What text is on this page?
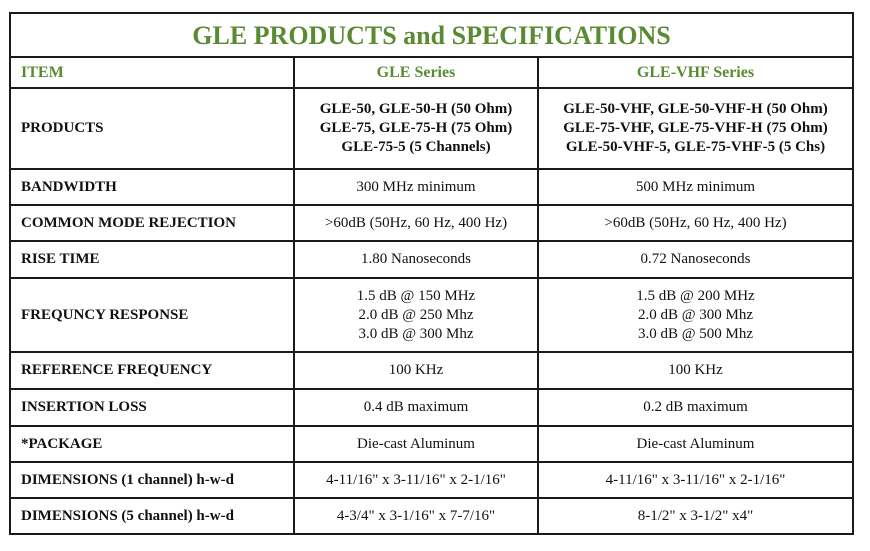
GLE PRODUCTS and SPECIFICATIONS		
ITEM	GLE Series	GLE-VHF Series
PRODUCTS	GLE-50, GLE-50-H (50 Ohm)
GLE-75, GLE-75-H (75 Ohm)
GLE-75-5 (5 Channels)	GLE-50-VHF, GLE-50-VHF-H (50 Ohm)
GLE-75-VHF, GLE-75-VHF-H (75 Ohm)
GLE-50-VHF-5, GLE-75-VHF-5 (5 Chs)

BANDWIDTH	300 MHz minimum	500 MHz minimum
COMMON MODE REJECTION	>60dB (50Hz, 60 Hz, 400 Hz)	>60dB (50Hz, 60 Hz, 400 Hz)
RISE TIME	1.80 Nanoseconds	0.72 Nanoseconds
FREQUNCY RESPONSE	1.5 dB @ 150 MHz
2.0 dB @ 250 Mhz
3.0 dB @ 300 Mhz	1.5 dB @ 200 MHz
2.0 dB @ 300 Mhz
3.0 dB @ 500 Mhz

REFERENCE FREQUENCY	100 KHz	100 KHz
INSERTION LOSS	0.4 dB maximum	0.2 dB maximum
*PACKAGE	Die-cast Aluminum	Die-cast Aluminum
DIMENSIONS (1 channel) h-w-d	4-11/16" x 3-11/16" x 2-1/16"	4-11/16" x 3-11/16" x 2-1/16"
DIMENSIONS (5 channel) h-w-d	4-3/4" x 3-1/16" x 7-7/16"	8-1/2" x 3-1/2" x4"
